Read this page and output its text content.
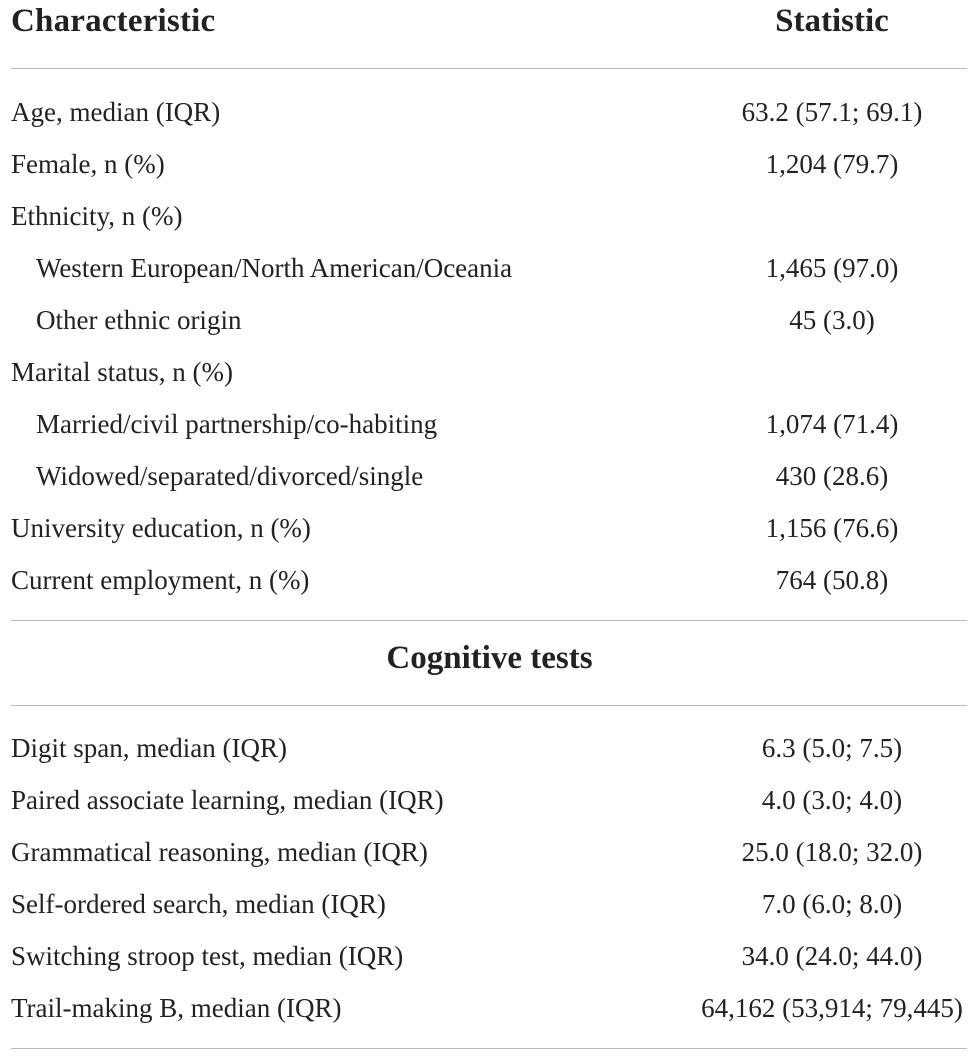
Characteristic	Statistic
Age, median (IQR)	63.2 (57.1; 69.1)
Female, n (%)	1,204 (79.7)
Ethnicity, n (%)
Western European/North American/Oceania	1,465 (97.0)
Other ethnic origin	45 (3.0)
Marital status, n (%)
Married/civil partnership/co-habiting	1,074 (71.4)
Widowed/separated/divorced/single	430 (28.6)
University education, n (%)	1,156 (76.6)
Current employment, n (%)	764 (50.8)
Cognitive tests
Digit span, median (IQR)	6.3 (5.0; 7.5)
Paired associate learning, median (IQR)	4.0 (3.0; 4.0)
Grammatical reasoning, median (IQR)	25.0 (18.0; 32.0)
Self-ordered search, median (IQR)	7.0 (6.0; 8.0)
Switching stroop test, median (IQR)	34.0 (24.0; 44.0)
Trail-making B, median (IQR)	64,162 (53,914; 79,445)
